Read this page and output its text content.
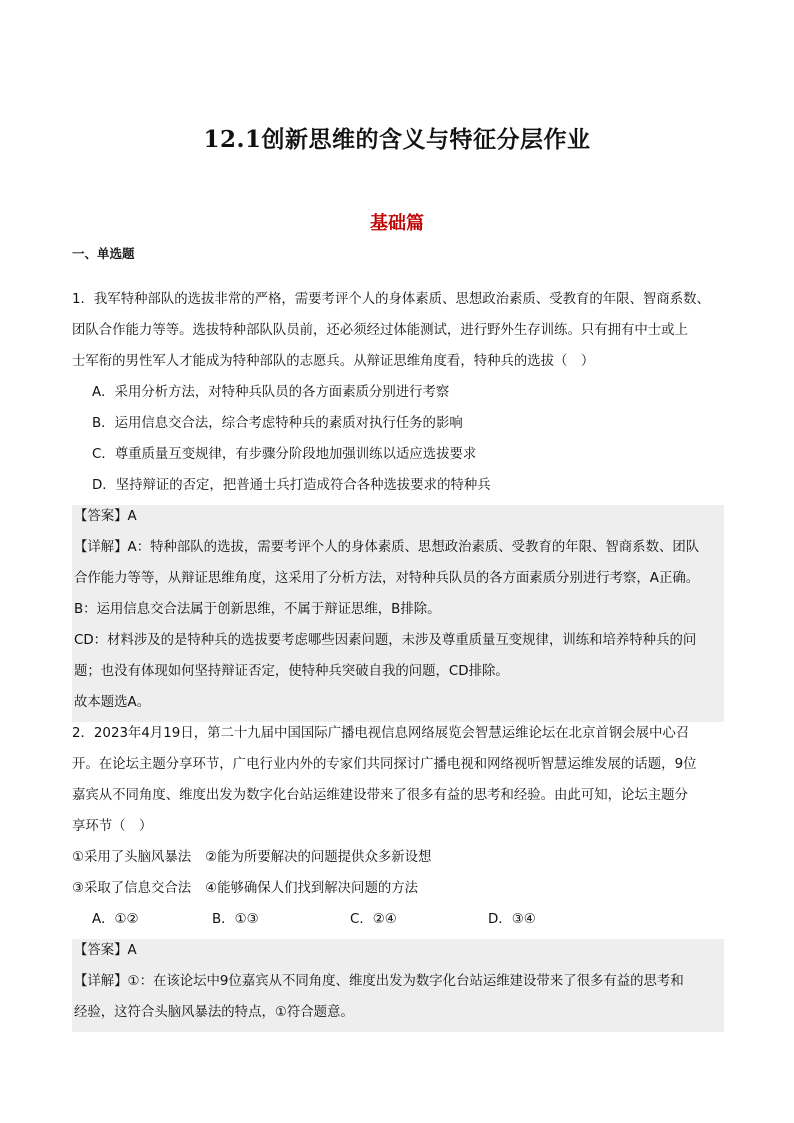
12.1创新思维的含义与特征分层作业
基础篇
一、单选题
1．我军特种部队的选拔非常的严格，需要考评个人的身体素质、思想政治素质、受教育的年限、智商系数、
团队合作能力等等。选拔特种部队队员前，还必须经过体能测试，进行野外生存训练。只有拥有中士或上
士军衔的男性军人才能成为特种部队的志愿兵。从辩证思维角度看，特种兵的选拔（　）
A．采用分析方法，对特种兵队员的各方面素质分别进行考察
B．运用信息交合法，综合考虑特种兵的素质对执行任务的影响
C．尊重质量互变规律，有步骤分阶段地加强训练以适应选拔要求
D．坚持辩证的否定，把普通士兵打造成符合各种选拔要求的特种兵
【答案】A
【详解】A：特种部队的选拔，需要考评个人的身体素质、思想政治素质、受教育的年限、智商系数、团队
合作能力等等，从辩证思维角度，这采用了分析方法，对特种兵队员的各方面素质分别进行考察，A正确。
B：运用信息交合法属于创新思维，不属于辩证思维，B排除。
CD：材料涉及的是特种兵的选拔要考虑哪些因素问题，未涉及尊重质量互变规律，训练和培养特种兵的问
题；也没有体现如何坚持辩证否定，使特种兵突破自我的问题，CD排除。
故本题选A。
2．2023年4月19日，第二十九届中国国际广播电视信息网络展览会智慧运维论坛在北京首钢会展中心召
开。在论坛主题分享环节，广电行业内外的专家们共同探讨广播电视和网络视听智慧运维发展的话题，9位
嘉宾从不同角度、维度出发为数字化台站运维建设带来了很多有益的思考和经验。由此可知，论坛主题分
享环节（　）
①采用了头脑风暴法 ②能为所要解决的问题提供众多新设想
③采取了信息交合法 ④能够确保人们找到解决问题的方法
A．①②	B．①③	C．②④	D．③④
【答案】A
【详解】①：在该论坛中9位嘉宾从不同角度、维度出发为数字化台站运维建设带来了很多有益的思考和
经验，这符合头脑风暴法的特点，①符合题意。
